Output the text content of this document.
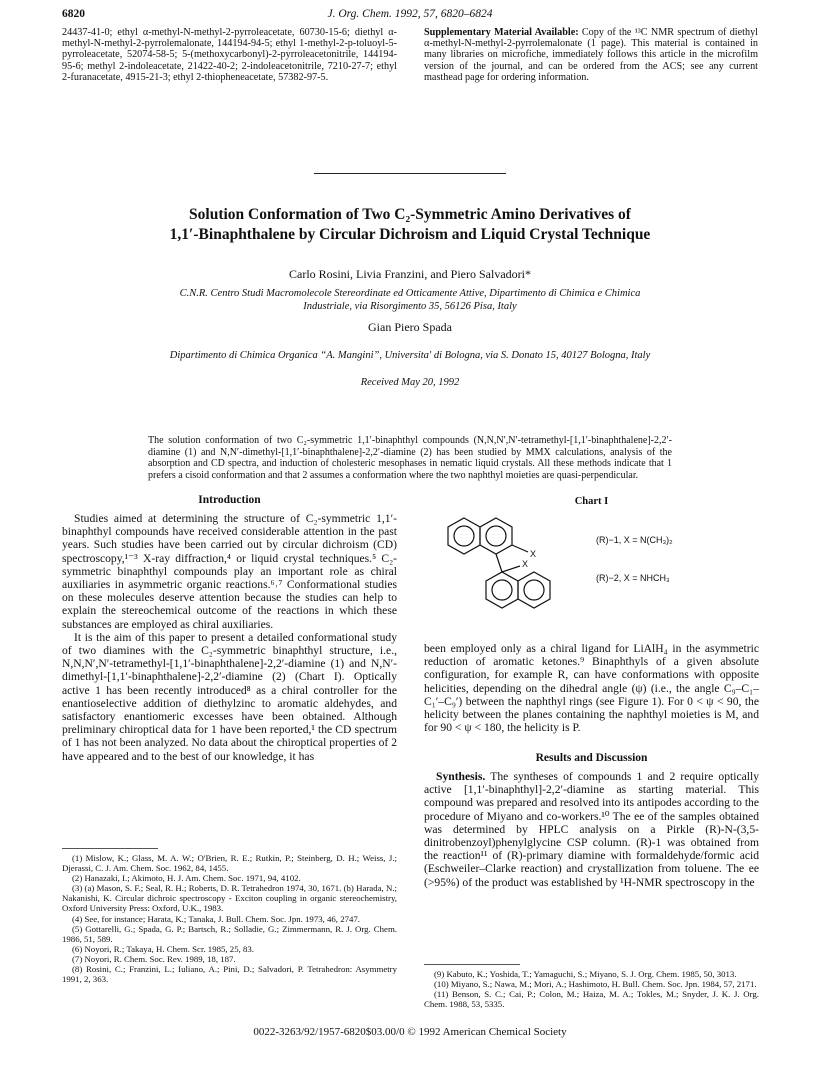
6820	J. Org. Chem. 1992, 57, 6820–6824

24437-41-0; ethyl α-methyl-N-methyl-2-pyrroleacetate, 60730-15-6; diethyl α-methyl-N-methyl-2-pyrrolemalonate, 144194-94-5; ethyl 1-methyl-2-p-toluoyl-5-pyrroleacetate, 52074-58-5; 5-(methoxycarbonyl)-2-pyrroleacetonitrile, 144194-95-6; methyl 2-indoleacetate, 21422-40-2; 2-indoleacetonitrile, 7210-27-7; ethyl 2-furanacetate, 4915-21-3; ethyl 2-thiopheneacetate, 57382-97-5.

Supplementary Material Available: Copy of the ¹³C NMR spectrum of diethyl α-methyl-N-methyl-2-pyrrolemalonate (1 page). This material is contained in many libraries on microfiche, immediately follows this article in the microfilm version of the journal, and can be ordered from the ACS; see any current masthead page for ordering information.

Solution Conformation of Two C₂-Symmetric Amino Derivatives of
1,1′-Binaphthalene by Circular Dichroism and Liquid Crystal Technique
Carlo Rosini, Livia Franzini, and Piero Salvadori*
C.N.R. Centro Studi Macromolecole Stereordinate ed Otticamente Attive, Dipartimento di Chimica e Chimica
Industriale, via Risorgimento 35, 56126 Pisa, Italy
Gian Piero Spada
Dipartimento di Chimica Organica “A. Mangini”, Universita′ di Bologna, via S. Donato 15, 40127 Bologna, Italy
Received May 20, 1992
The solution conformation of two C₂-symmetric 1,1′-binaphthyl compounds (N,N,N′,N′-tetramethyl-[1,1′-binaphthalene]-2,2′-diamine (1) and N,N′-dimethyl-[1,1′-binaphthalene]-2,2′-diamine (2) has been studied by MMX calculations, analysis of the absorption and CD spectra, and induction of cholesteric mesophases in nematic liquid crystals. All these methods indicate that 1 prefers a cisoid conformation and that 2 assumes a conformation where the two naphthyl moieties are quasi-perpendicular.
Introduction

Studies aimed at determining the structure of C₂-symmetric 1,1′-binaphthyl compounds have received considerable attention in the past years. Such studies have been carried out by circular dichroism (CD) spectroscopy,¹⁻³ X-ray diffraction,⁴ or liquid crystal techniques.⁵ C₂-symmetric binaphthyl compounds play an important role as chiral auxiliaries in asymmetric organic reactions.⁶˒⁷ Conformational studies on these molecules deserve attention because the studies can help to explain the stereochemical outcome of the reactions in which these substances are employed as chiral auxiliaries.

It is the aim of this paper to present a detailed conformational study of two diamines with the C₂-symmetric binaphthyl structure, i.e., N,N,N′,N′-tetramethyl-[1,1′-binaphthalene]-2,2′-diamine (1) and N,N′-dimethyl-[1,1′-binaphthalene]-2,2′-diamine (2) (Chart I). Optically active 1 has been recently introduced⁸ as a chiral controller for the enantioselective addition of diethylzinc to aromatic aldehydes, and satisfactory enantiomeric excesses have been obtained. Although preliminary chiroptical data for 1 have been reported,¹ the CD spectrum of 1 has not been analyzed. No data about the chiroptical properties of 2 have appeared and to the best of our knowledge, it has

(1) Mislow, K.; Glass, M. A. W.; O'Brien, R. E.; Rutkin, P.; Steinberg, D. H.; Weiss, J.; Djerassi, C. J. Am. Chem. Soc. 1962, 84, 1455.

(2) Hanazaki, I.; Akimoto, H. J. Am. Chem. Soc. 1971, 94, 4102.

(3) (a) Mason, S. F.; Seal, R. H.; Roberts, D. R. Tetrahedron 1974, 30, 1671. (b) Harada, N.; Nakanishi, K. Circular dichroic spectroscopy - Exciton coupling in organic stereochemistry, Oxford University Press: Oxford, U.K., 1983.

(4) See, for instance; Harata, K.; Tanaka, J. Bull. Chem. Soc. Jpn. 1973, 46, 2747.

(5) Gottarelli, G.; Spada, G. P.; Bartsch, R.; Solladie, G.; Zimmermann, R. J. Org. Chem. 1986, 51, 589.

(6) Noyori, R.; Takaya, H. Chem. Scr. 1985, 25, 83.

(7) Noyori, R. Chem. Soc. Rev. 1989, 18, 187.

(8) Rosini, C.; Franzini, L.; Iuliano, A.; Pini, D.; Salvadori, P. Tetrahedron: Asymmetry 1991, 2, 363.

Chart I
X
X
(R)−1, X = N(CH₃)₂
(R)−2, X = NHCH₃

been employed only as a chiral ligand for LiAlH₄ in the asymmetric reduction of aromatic ketones.⁹ Binaphthyls of a given absolute configuration, for example R, can have conformations with opposite helicities, depending on the dihedral angle (ψ) (i.e., the angle C₉–C₁–C₁′–C₉′) between the naphthyl rings (see Figure 1). For 0 < ψ < 90, the helicity between the planes containing the naphthyl moieties is M, and for 90 < ψ < 180, the helicity is P.

Results and Discussion

Synthesis. The syntheses of compounds 1 and 2 require optically active [1,1′-binaphthyl]-2,2′-diamine as starting material. This compound was prepared and resolved into its antipodes according to the procedure of Miyano and co-workers.¹⁰ The ee of the samples obtained was determined by HPLC analysis on a Pirkle (R)-N-(3,5-dinitrobenzoyl)phenylglycine CSP column. (R)-1 was obtained from the reaction¹¹ of (R)-primary diamine with formaldehyde/formic acid (Eschweiler–Clarke reaction) and crystallization from toluene. The ee (>95%) of the product was established by ¹H-NMR spectroscopy in the

(9) Kabuto, K.; Yoshida, T.; Yamaguchi, S.; Miyano, S. J. Org. Chem. 1985, 50, 3013.

(10) Miyano, S.; Nawa, M.; Mori, A.; Hashimoto, H. Bull. Chem. Soc. Jpn. 1984, 57, 2171.

(11) Benson, S. C.; Cai, P.; Colon, M.; Haiza, M. A.; Tokles, M.; Snyder, J. K. J. Org. Chem. 1988, 53, 5335.

0022-3263/92/1957-6820$03.00/0 © 1992 American Chemical Society
